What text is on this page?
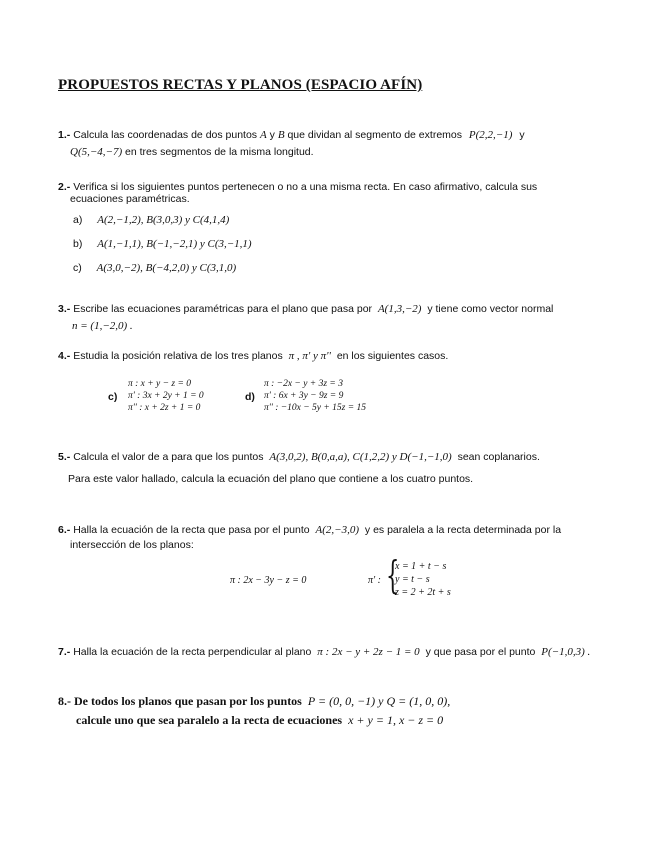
PROPUESTOS RECTAS Y PLANOS (ESPACIO AFÍN)
1.- Calcula las coordenadas de dos puntos A y B que dividan al segmento de extremos P(2,2,−1) y
Q(5,−4,−7) en tres segmentos de la misma longitud.
2.- Verifica si los siguientes puntos pertenecen o no a una misma recta. En caso afirmativo, calcula sus
ecuaciones paramétricas.
a) A(2,−1,2), B(3,0,3) y C(4,1,4)
b) A(1,−1,1), B(−1,−2,1) y C(3,−1,1)
c) A(3,0,−2), B(−4,2,0) y C(3,1,0)
3.- Escribe las ecuaciones paramétricas para el plano que pasa por A(1,3,−2) y tiene como vector normal
n = (1,−2,0) .
4.- Estudia la posición relativa de los tres planos π , π' y π'' en los siguientes casos.
c)
π : x + y − z = 0
π' : 3x + 2y + 1 = 0
π'' : x + 2z + 1 = 0
d)
π : −2x − y + 3z = 3
π' : 6x + 3y − 9z = 9
π'' : −10x − 5y + 15z = 15
5.- Calcula el valor de a para que los puntos A(3,0,2), B(0,a,a), C(1,2,2) y D(−1,−1,0) sean coplanarios.
Para este valor hallado, calcula la ecuación del plano que contiene a los cuatro puntos.
6.- Halla la ecuación de la recta que pasa por el punto A(2,−3,0) y es paralela a la recta determinada por la
intersección de los planos:
π : 2x − 3y − z = 0	π' : {
x = 1 + t − s
y = t − s
z = 2 + 2t + s
7.- Halla la ecuación de la recta perpendicular al plano π : 2x − y + 2z − 1 = 0 y que pasa por el punto P(−1,0,3) .
8.- De todos los planos que pasan por los puntos P = (0, 0, −1) y Q = (1, 0, 0),
calcule uno que sea paralelo a la recta de ecuaciones x + y = 1, x − z = 0
